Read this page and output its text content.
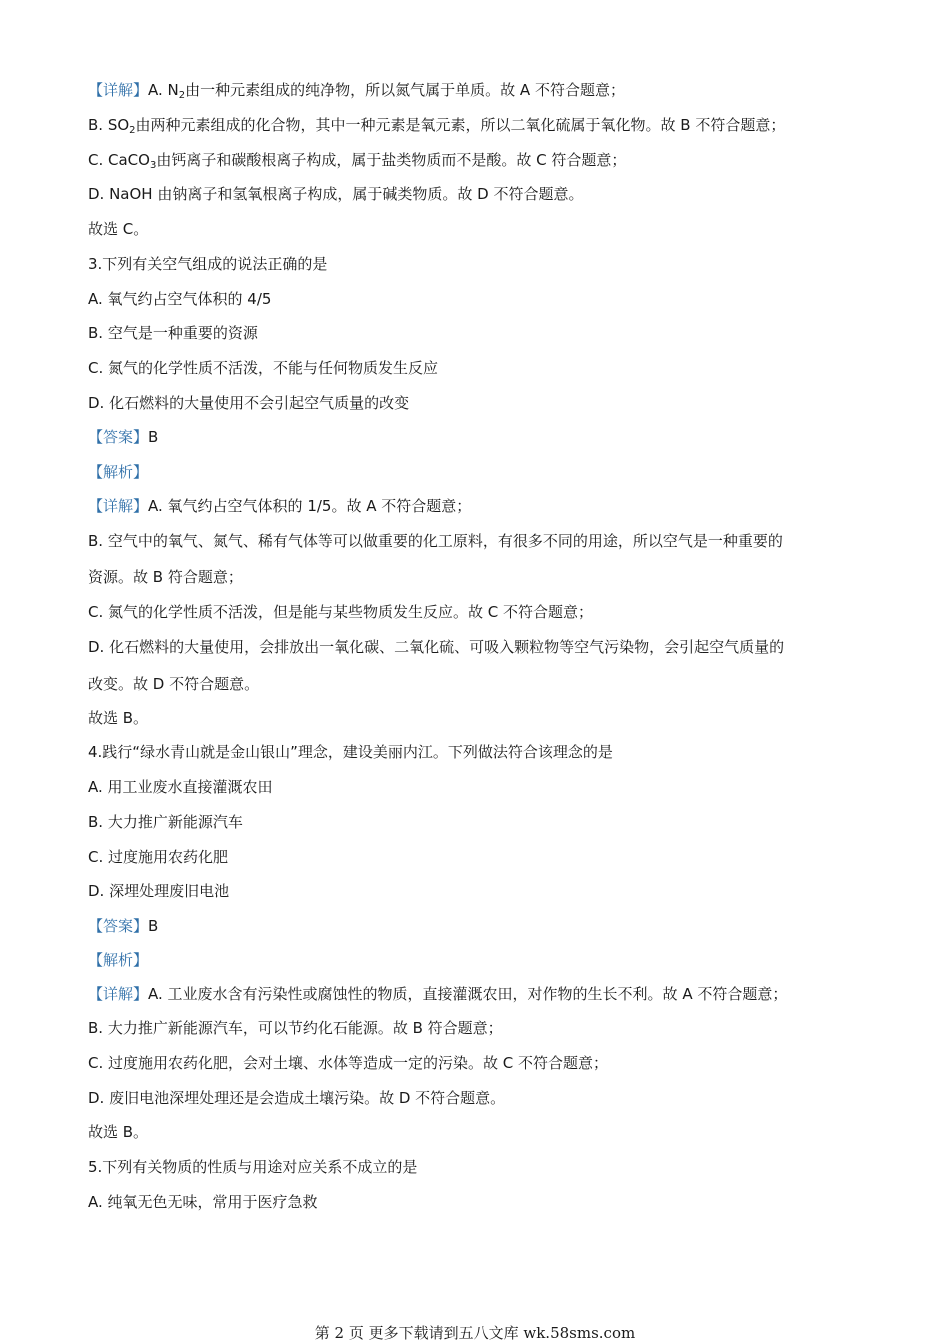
【详解】A. $N_2$由一种元素组成的纯净物，所以氮气属于单质。故 A 不符合题意；
B. $SO_2$由两种元素组成的化合物，其中一种元素是氧元素，所以二氧化硫属于氧化物。故 B 不符合题意；
C. CaCO$_3$由钙离子和碳酸根离子构成，属于盐类物质而不是酸。故 C 符合题意；
D. NaOH 由钠离子和氢氧根离子构成，属于碱类物质。故 D 不符合题意。
故选 C。
3.下列有关空气组成的说法正确的是
A. 氧气约占空气体积的 4/5
B. 空气是一种重要的资源
C. 氮气的化学性质不活泼，不能与任何物质发生反应
D. 化石燃料的大量使用不会引起空气质量的改变
【答案】B
【解析】
【详解】A. 氧气约占空气体积的 1/5。故 A 不符合题意；
B. 空气中的氧气、氮气、稀有气体等可以做重要的化工原料，有很多不同的用途，所以空气是一种重要的
资源。故 B 符合题意；
C. 氮气的化学性质不活泼，但是能与某些物质发生反应。故 C 不符合题意；
D. 化石燃料的大量使用，会排放出一氧化碳、二氧化硫、可吸入颗粒物等空气污染物，会引起空气质量的
改变。故 D 不符合题意。
故选 B。
4.践行“绿水青山就是金山银山”理念，建设美丽内江。下列做法符合该理念的是
A. 用工业废水直接灌溉农田
B. 大力推广新能源汽车
C. 过度施用农药化肥
D. 深埋处理废旧电池
【答案】B
【解析】
【详解】A. 工业废水含有污染性或腐蚀性的物质，直接灌溉农田，对作物的生长不利。故 A 不符合题意；
B. 大力推广新能源汽车，可以节约化石能源。故 B 符合题意；
C. 过度施用农药化肥，会对土壤、水体等造成一定的污染。故 C 不符合题意；
D. 废旧电池深埋处理还是会造成土壤污染。故 D 不符合题意。
故选 B。
5.下列有关物质的性质与用途对应关系不成立的是
A. 纯氧无色无味，常用于医疗急救
第 2 页 更多下载请到五八文库 wk.58sms.com
